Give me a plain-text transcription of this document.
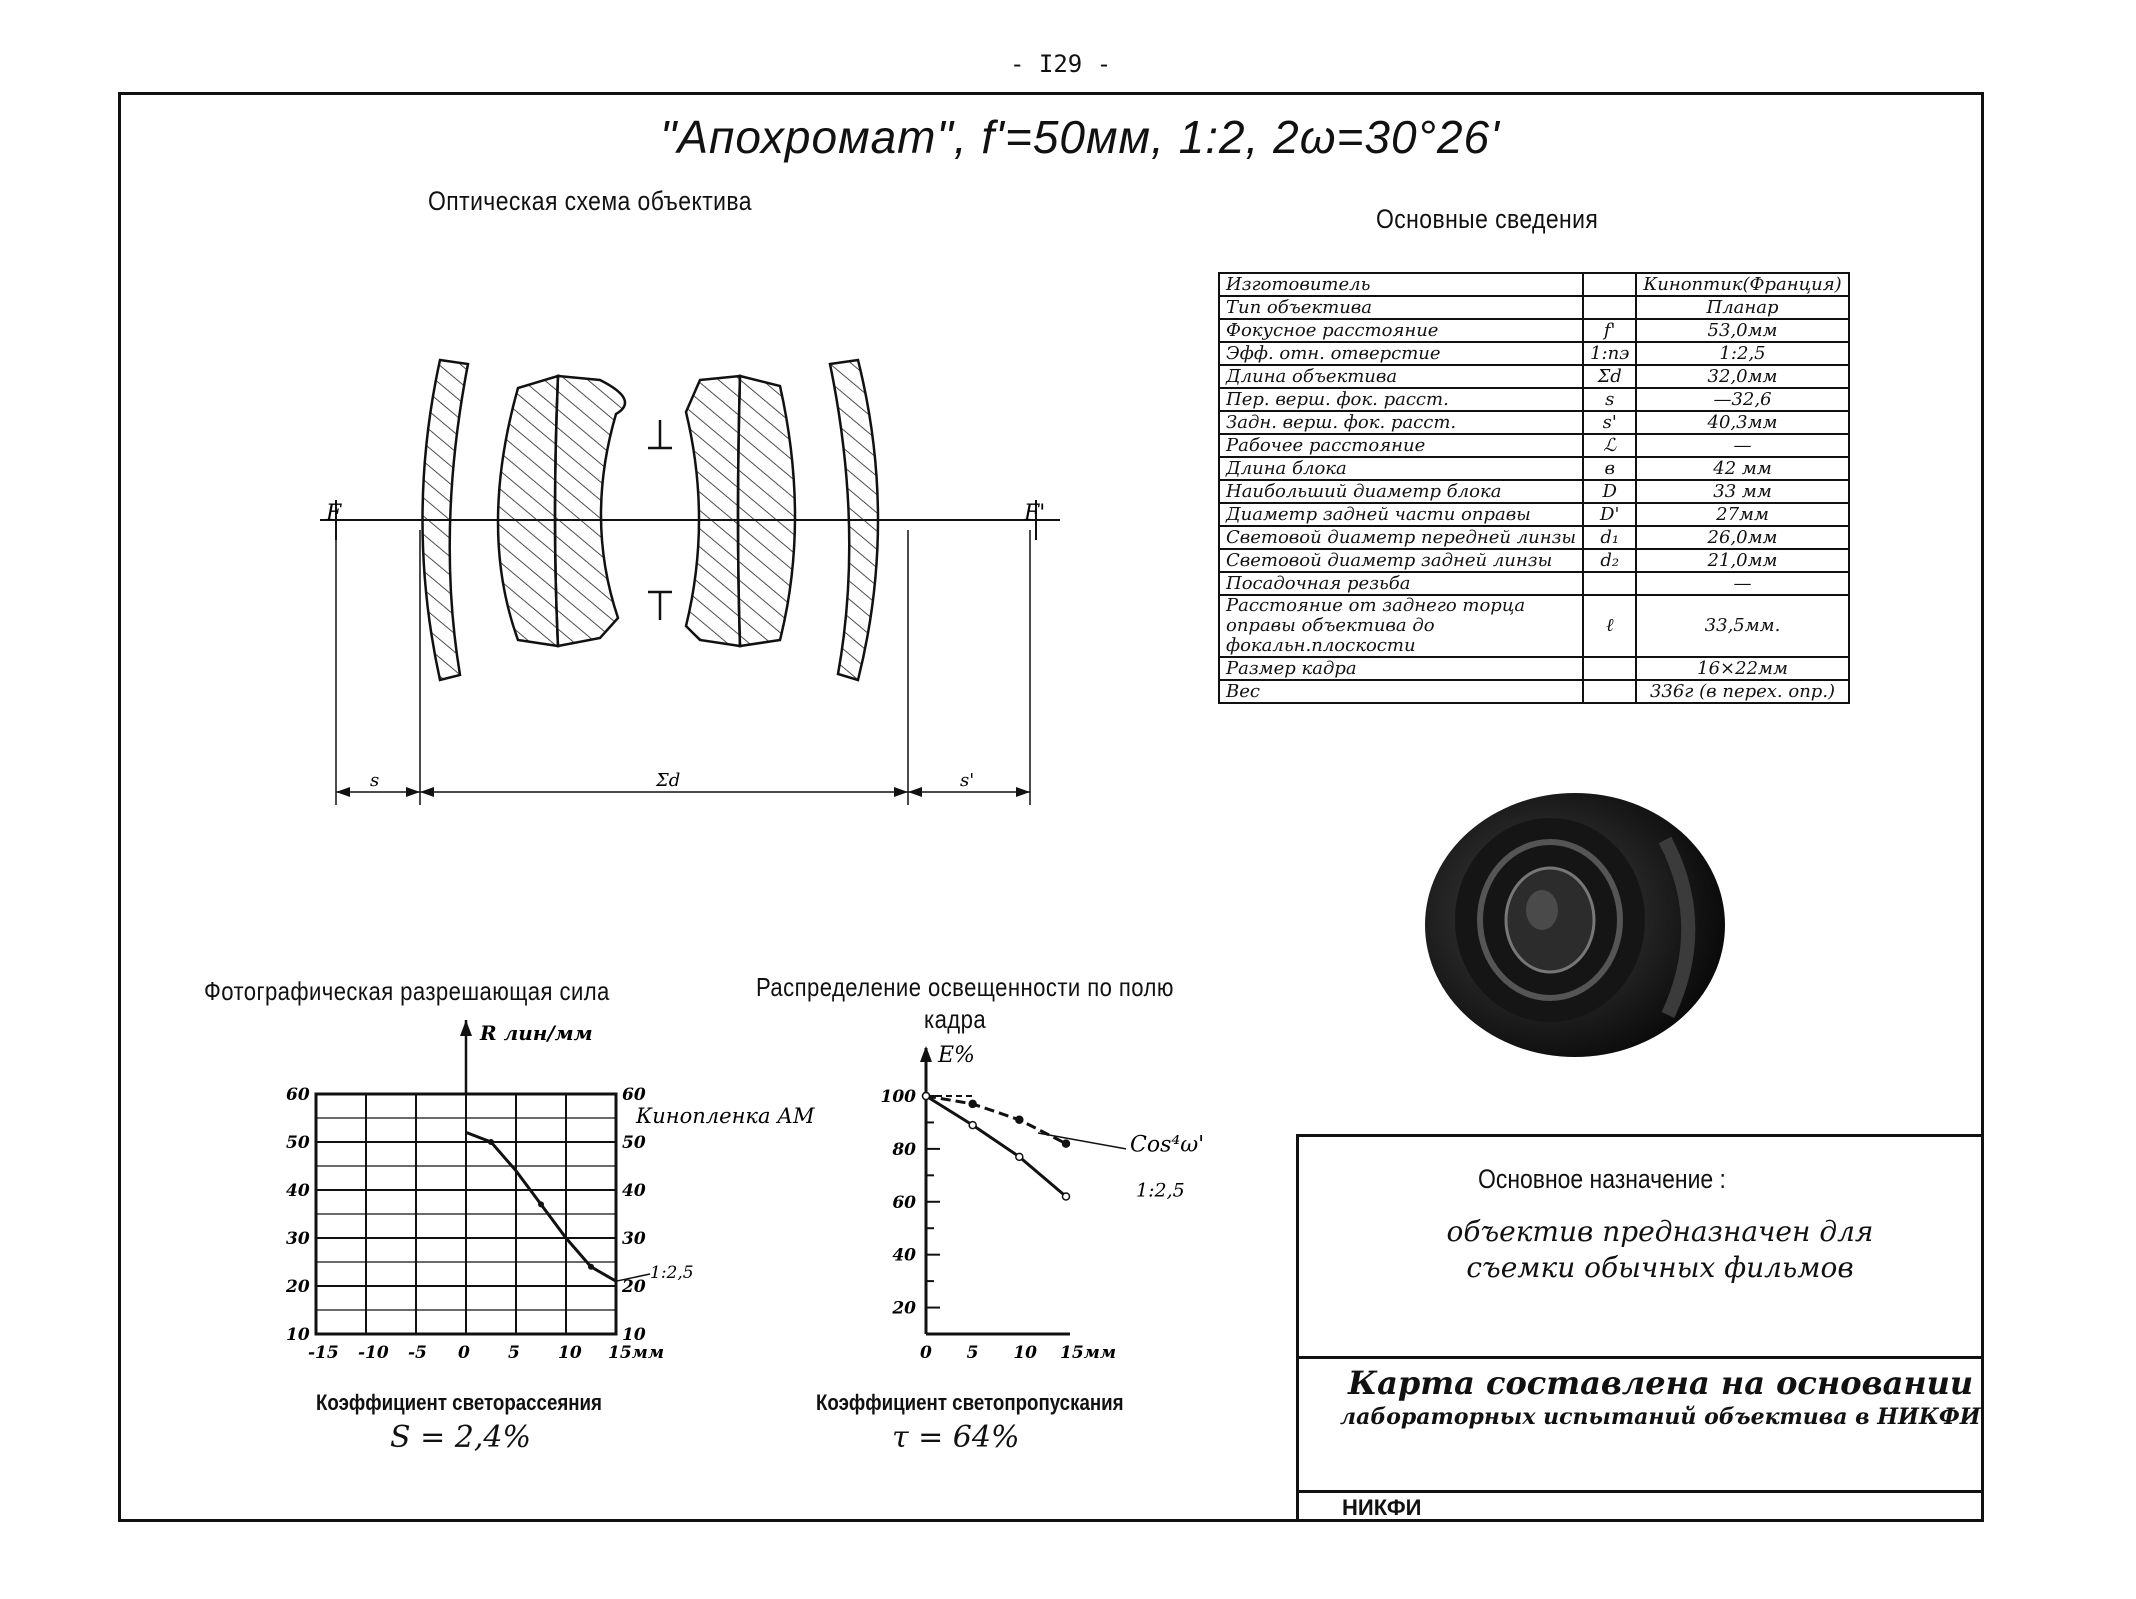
- I29 -
"Апохромат", f'=50мм, 1:2, 2ω=30°26'
Оптическая схема объектива
F	F'
s	Σd	s'
Основные сведения
Изготовитель		Киноптик(Франция)
Тип объектива		Планар
Фокусное расстояние	f'	53,0мм
Эфф. отн. отверстие	1:nэ	1:2,5
Длина объектива	Σd	32,0мм
Пер. верш. фок. расст.	s	—32,6
Задн. верш. фок. расст.	s'	40,3мм
Рабочее расстояние	ℒ	—
Длина блока	в	42 мм
Наибольший диаметр блока	D	33 мм
Диаметр задней части оправы	D'	27мм
Световой диаметр передней линзы	d₁	26,0мм
Световой диаметр задней линзы	d₂	21,0мм
Посадочная резьба		—
Расстояние от заднего торца оправы объектива до фокальн.плоскости	ℓ	33,5мм.
Размер кадра		16×22мм
Вес		336г (в перех. опр.)
Основное назначение :
объектив предназначен для съемки обычных фильмов
Карта составлена на основании
лабораторных испытаний объектива в НИКФИ
НИКФИ
Фотографическая разрешающая сила
R лин/мм
-15 -10 -5 0 5 10 15мм
10
20
30
40
50
60
10
20
30
40
50
60
Кинопленка АМ
1:2,5
Коэффициент светорассеяния
S = 2,4%
Распределение освещенности по полю
кадра
E%
20
40
60
80
100
0 5 10 15мм
Cos⁴ω'
1:2,5
Коэффициент светопропускания
τ = 64%
